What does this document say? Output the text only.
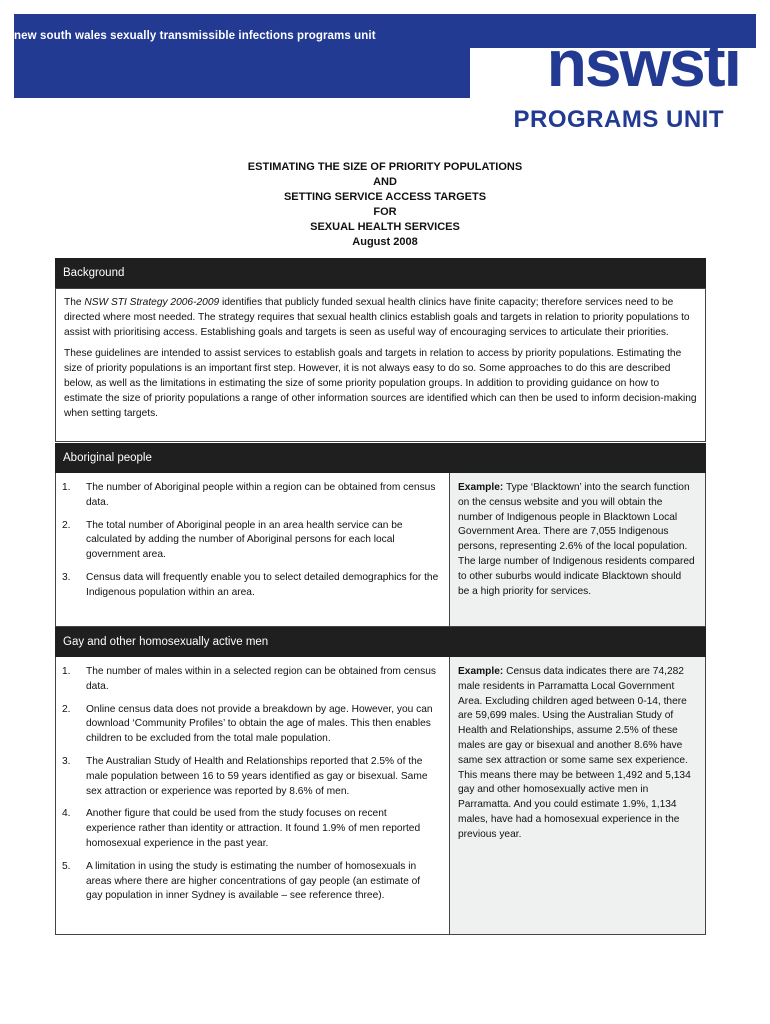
new south wales sexually transmissible infections programs unit	nswsti
PROGRAMS UNIT
ESTIMATING THE SIZE OF PRIORITY POPULATIONS
AND
SETTING SERVICE ACCESS TARGETS
FOR
SEXUAL HEALTH SERVICES
August 2008
Background

The NSW STI Strategy 2006-2009 identifies that publicly funded sexual health clinics have finite capacity; therefore services need to be directed where most needed. The strategy requires that sexual health clinics establish goals and targets in relation to priority populations to assist with prioritising access. Establishing goals and targets is seen as useful way of encouraging services to articulate their priorities.

These guidelines are intended to assist services to establish goals and targets in relation to access by priority populations. Estimating the size of priority populations is an important first step. However, it is not always easy to do so. Some approaches to do this are described below, as well as the limitations in estimating the size of some priority population groups. In addition to providing guidance on how to estimate the size of priority populations a range of other information sources are identified which can then be used to inform decision-making when setting targets.

Aboriginal people
1. The number of Aboriginal people within a region can be obtained from census data.
2. The total number of Aboriginal people in an area health service can be calculated by adding the number of Aboriginal persons for each local government area.
3. Census data will frequently enable you to select detailed demographics for the Indigenous population within an area.

Example: Type ‘Blacktown’ into the search function on the census website and you will obtain the number of Indigenous people in Blacktown Local Government Area. There are 7,055 Indigenous persons, representing 2.6% of the local population. The large number of Indigenous residents compared to other suburbs would indicate Blacktown should be a high priority for services.

Gay and other homosexually active men
1. The number of males within in a selected region can be obtained from census data.
2. Online census data does not provide a breakdown by age. However, you can download ‘Community Profiles’ to obtain the age of males. This then enables children to be excluded from the total male population.
3. The Australian Study of Health and Relationships reported that 2.5% of the male population between 16 to 59 years identified as gay or bisexual. Same sex attraction or experience was reported by 8.6% of men.
4. Another figure that could be used from the study focuses on recent experience rather than identity or attraction. It found 1.9% of men reported homosexual experience in the past year.
5. A limitation in using the study is estimating the number of homosexuals in areas where there are higher concentrations of gay people (an estimate of gay population in inner Sydney is available – see reference three).

Example: Census data indicates there are 74,282 male residents in Parramatta Local Government Area. Excluding children aged between 0-14, there are 59,699 males. Using the Australian Study of Health and Relationships, assume 2.5% of these males are gay or bisexual and another 8.6% have same sex attraction or some same sex experience. This means there may be between 1,492 and 5,134 gay and other homosexually active men in Parramatta. And you could estimate 1.9%, 1,134 males, have had a homosexual experience in the previous year.
